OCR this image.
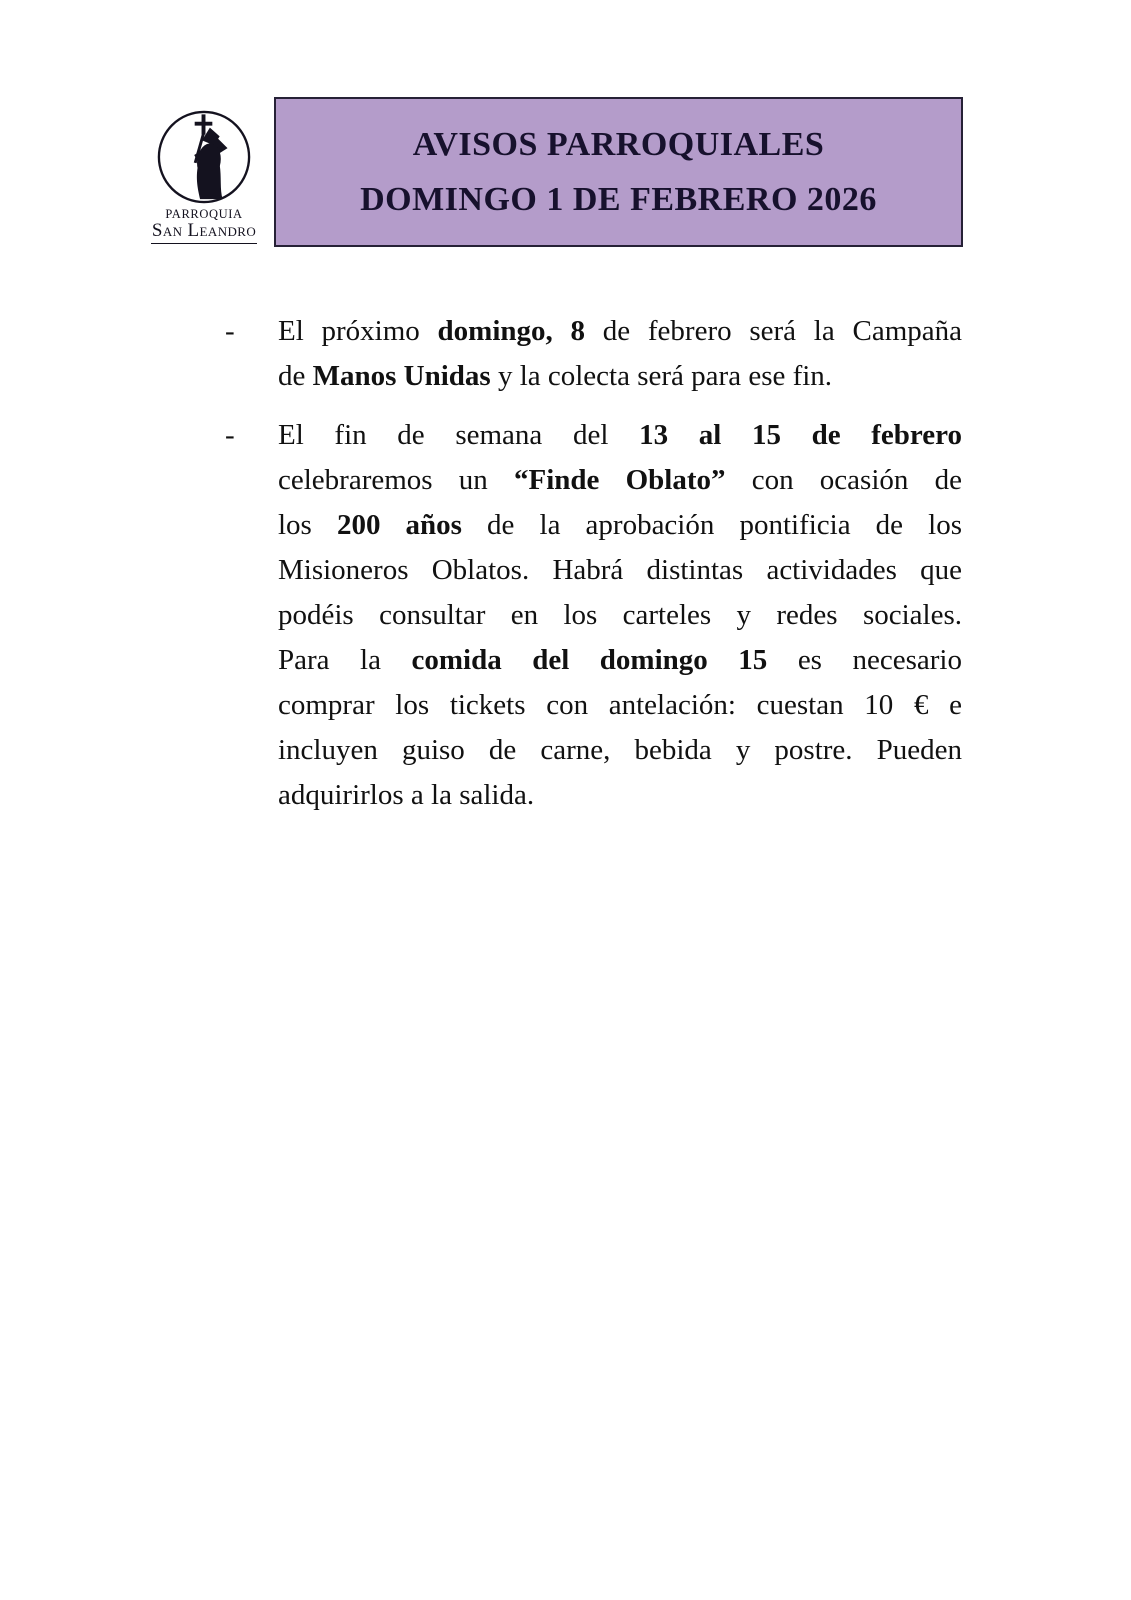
PARROQUIA
San Leandro
AVISOS PARROQUIALES
DOMINGO 1 DE FEBRERO 2026
- El próximo domingo, 8 de febrero será la Campaña
de Manos Unidas y la colecta será para ese fin.
- El fin de semana del 13 al 15 de febrero
celebraremos un “Finde Oblato” con ocasión de
los 200 años de la aprobación pontificia de los
Misioneros Oblatos. Habrá distintas actividades que
podéis consultar en los carteles y redes sociales.
Para la comida del domingo 15 es necesario
comprar los tickets con antelación: cuestan 10 € e
incluyen guiso de carne, bebida y postre. Pueden
adquirirlos a la salida.
